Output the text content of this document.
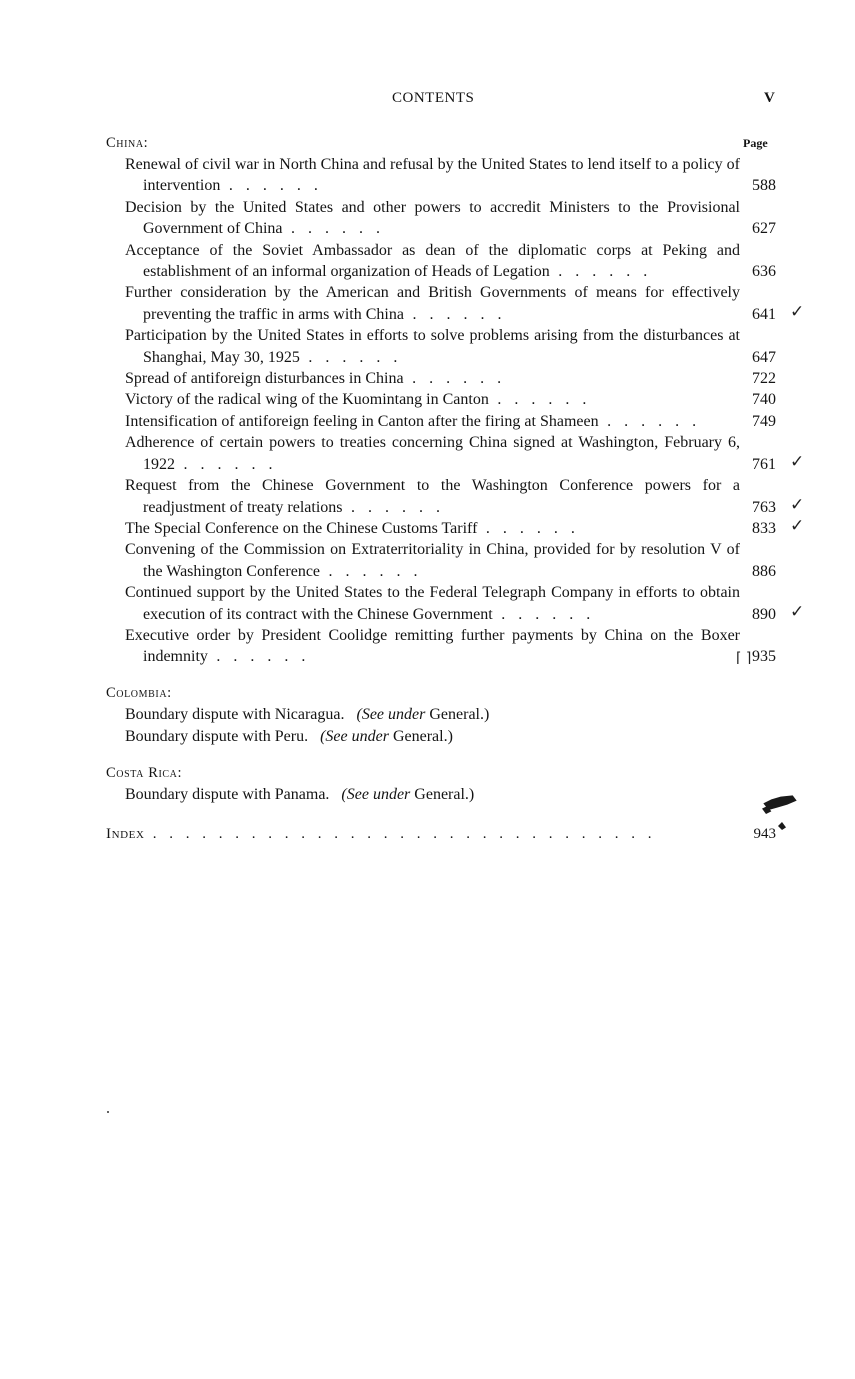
CONTENTS	V
Page
China:
Renewal of civil war in North China and refusal by the United States to lend itself to a policy of intervention . . . . . .	588
Decision by the United States and other powers to accredit Ministers to the Provisional Government of China . . . . . .	627
Acceptance of the Soviet Ambassador as dean of the diplomatic corps at Peking and establishment of an informal organization of Heads of Legation . . . . . .	636
Further consideration by the American and British Governments of means for effectively preventing the traffic in arms with China . . . . . .	641 ✓
Participation by the United States in efforts to solve problems arising from the disturbances at Shanghai, May 30, 1925 . . . . . .	647
Spread of antiforeign disturbances in China . . . . . .	722
Victory of the radical wing of the Kuomintang in Canton . . . . . .	740
Intensification of antiforeign feeling in Canton after the firing at Shameen . . . . . .	749
Adherence of certain powers to treaties concerning China signed at Washington, February 6, 1922 . . . . . .	761 ✓
Request from the Chinese Government to the Washington Conference powers for a readjustment of treaty relations . . . . . .	763 ✓
The Special Conference on the Chinese Customs Tariff . . . . . .	833 ✓
Convening of the Commission on Extraterritoriality in China, provided for by resolution V of the Washington Conference . . . . . .	886
Continued support by the United States to the Federal Telegraph Company in efforts to obtain execution of its contract with the Chinese Government . . . . . .	890 ✓
Executive order by President Coolidge remitting further payments by China on the Boxer indemnity . . . . . .	935
⌈ ⌉
Colombia:
Boundary dispute with Nicaragua. (See under General.)
Boundary dispute with Peru. (See under General.)
Costa Rica:
Boundary dispute with Panama. (See under General.)
Index . . . . . . . . . . . . . . . . . . . . . . . . . . . . . . .	943
